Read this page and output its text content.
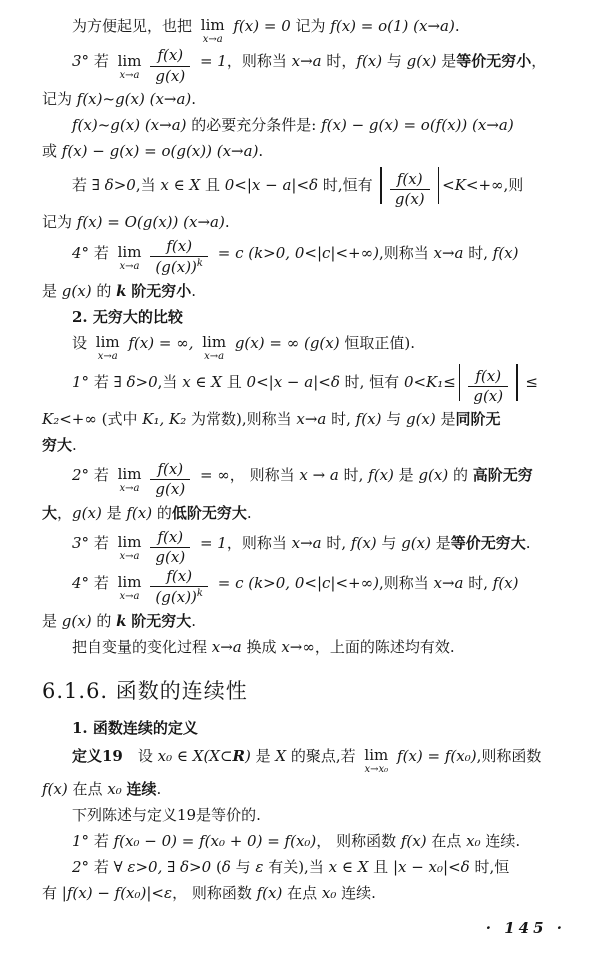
为方便起见，也把 lim
x→a
f(x) = 0 记为 f(x) = o(1) (x→a).
3° 若 lim
$x\to a \frac{f(x)}{g(x)} = 1$，则称当 x→a 时，f(x) 与 g(x) 是等价无穷小，
记为 f(x)~g(x) (x→a).
f(x)~g(x) (x→a) 的必要充分条件是: f(x) − g(x) = o(f(x)) (x→a)
或 f(x) − g(x) = o(g(x)) (x→a).
若 ∃ δ>0,当 x ∈ X 且 0<|x − a|<δ 时,恒有 $\frac{f(x)}{g(x)} <K<+\infty$,则
记为 f(x) = O(g(x)) (x→a).
4° 若 lim
$x\to a \frac{f(x)}{(g(x))^k} = c$ (k>0, 0<|c|<+∞),则称当 x→a 时, f(x)
是 g(x) 的 k 阶无穷小.
2. 无穷大的比较
设 lim
x→a
f(x) = ∞, lim
x→a
g(x) = ∞ (g(x) 恒取正值).
1° 若 ∃ δ>0,当 x ∈ X 且 0<|x − a|<δ 时, 恒有 $0<K_1\le \frac{f(x)}{g(x)}$ ≤
K₂<+∞ (式中 K₁, K₂ 为常数),则称当 x→a 时, f(x) 与 g(x) 是同阶无
穷大.
2° 若 lim
$x\to a \frac{f(x)}{g(x)}$ = ∞， 则称当 x → a 时, f(x) 是 g(x) 的 高阶无穷
大，g(x) 是 f(x) 的低阶无穷大.
3° 若 lim
$x\to a \frac{f(x)}{g(x)} = 1$，则称当 x→a 时, f(x) 与 g(x) 是等价无穷大.
4° 若 lim
$x\to a \frac{f(x)}{(g(x))^k} = c$ (k>0, 0<|c|<+∞),则称当 x→a 时, f(x)
是 g(x) 的 k 阶无穷大.
把自变量的变化过程 x→a 换成 x→∞，上面的陈述均有效.
6.1.6. 函数的连续性
1. 函数连续的定义
定义19　设 x₀ ∈ X(X⊂R) 是 X 的聚点,若 lim
x→x₀
f(x) = f(x₀),则称函数
f(x) 在点 x₀ 连续.
下列陈述与定义19是等价的.
1° 若 f(x₀ − 0) = f(x₀ + 0) = f(x₀)， 则称函数 f(x) 在点 x₀ 连续.
2° 若 ∀ ε>0, ∃ δ>0 (δ 与 ε 有关),当 x ∈ X 且 |x − x₀|<δ 时,恒
有 |f(x) − f(x₀)|<ε， 则称函数 f(x) 在点 x₀ 连续.
· 145 ·
